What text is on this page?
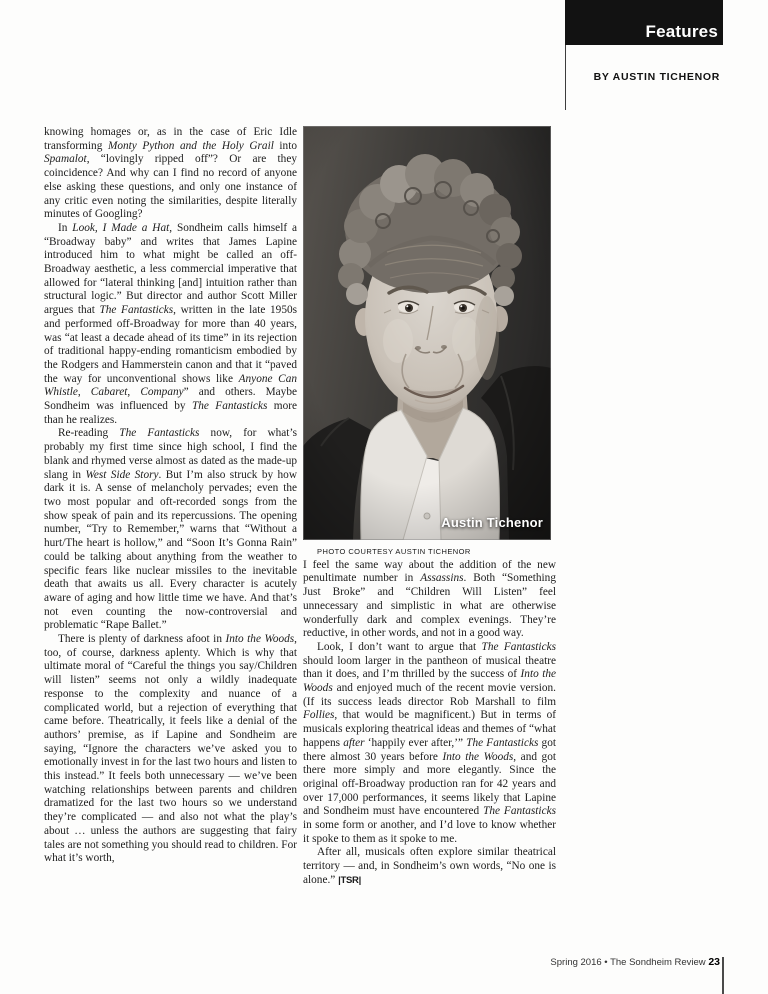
Features
BY AUSTIN TICHENOR

knowing homages or, as in the case of Eric Idle transforming Monty Python and the Holy Grail into Spamalot, “lovingly ripped off”? Or are they coincidence? And why can I find no record of anyone else asking these questions, and only one instance of any critic even noting the similarities, despite literally minutes of Googling?

In Look, I Made a Hat, Sondheim calls himself a “Broadway baby” and writes that James Lapine introduced him to what might be called an off-Broadway aesthetic, a less commercial imperative that allowed for “lateral thinking [and] intuition rather than structural logic.” But director and author Scott Miller argues that The Fantasticks, written in the late 1950s and performed off-Broadway for more than 40 years, was “at least a decade ahead of its time” in its rejection of traditional happy-ending romanticism embodied by the Rodgers and Hammerstein canon and that it “paved the way for unconventional shows like Anyone Can Whistle, Cabaret, Company” and others. Maybe Sondheim was influenced by The Fantasticks more than he realizes.

Re-reading The Fantasticks now, for what’s probably my first time since high school, I find the blank and rhymed verse almost as dated as the made-up slang in West Side Story. But I’m also struck by how dark it is. A sense of melancholy pervades; even the two most popular and oft-recorded songs from the show speak of pain and its repercussions. The opening number, “Try to Remember,” warns that “Without a hurt/The heart is hollow,” and “Soon It’s Gonna Rain” could be talking about anything from the weather to specific fears like nuclear missiles to the inevitable death that awaits us all. Every character is acutely aware of aging and how little time we have. And that’s not even counting the now-controversial and problematic “Rape Ballet.”

There is plenty of darkness afoot in Into the Woods, too, of course, darkness aplenty. Which is why that ultimate moral of “Careful the things you say/Children will listen” seems not only a wildly inadequate response to the complexity and nuance of a complicated world, but a rejection of everything that came before. Theatrically, it feels like a denial of the authors’ premise, as if Lapine and Sondheim are saying, “Ignore the characters we’ve asked you to emotionally invest in for the last two hours and listen to this instead.” It feels both unnecessary — we’ve been watching relationships between parents and children dramatized for the last two hours so we understand they’re complicated — and also not what the play’s about … unless the authors are suggesting that fairy tales are not something you should read to children. For what it’s worth,

Austin Tichenor

PHOTO COURTESY AUSTIN TICHENOR

I feel the same way about the addition of the new penultimate number in Assassins. Both “Something Just Broke” and “Children Will Listen” feel unnecessary and simplistic in what are otherwise wonderfully dark and complex evenings. They’re reductive, in other words, and not in a good way.

Look, I don’t want to argue that The Fantasticks should loom larger in the pantheon of musical theatre than it does, and I’m thrilled by the success of Into the Woods and enjoyed much of the recent movie version. (If its success leads director Rob Marshall to film Follies, that would be magnificent.) But in terms of musicals exploring theatrical ideas and themes of “what happens after ‘happily ever after,’” The Fantasticks got there almost 30 years before Into the Woods, and got there more simply and more elegantly. Since the original off-Broadway production ran for 42 years and over 17,000 performances, it seems likely that Lapine and Sondheim must have encountered The Fantasticks in some form or another, and I’d love to know whether it spoke to them as it spoke to me.

After all, musicals often explore similar theatrical territory — and, in Sondheim’s own words, “No one is alone.” |TSR|

Spring 2016 • The Sondheim Review 23
